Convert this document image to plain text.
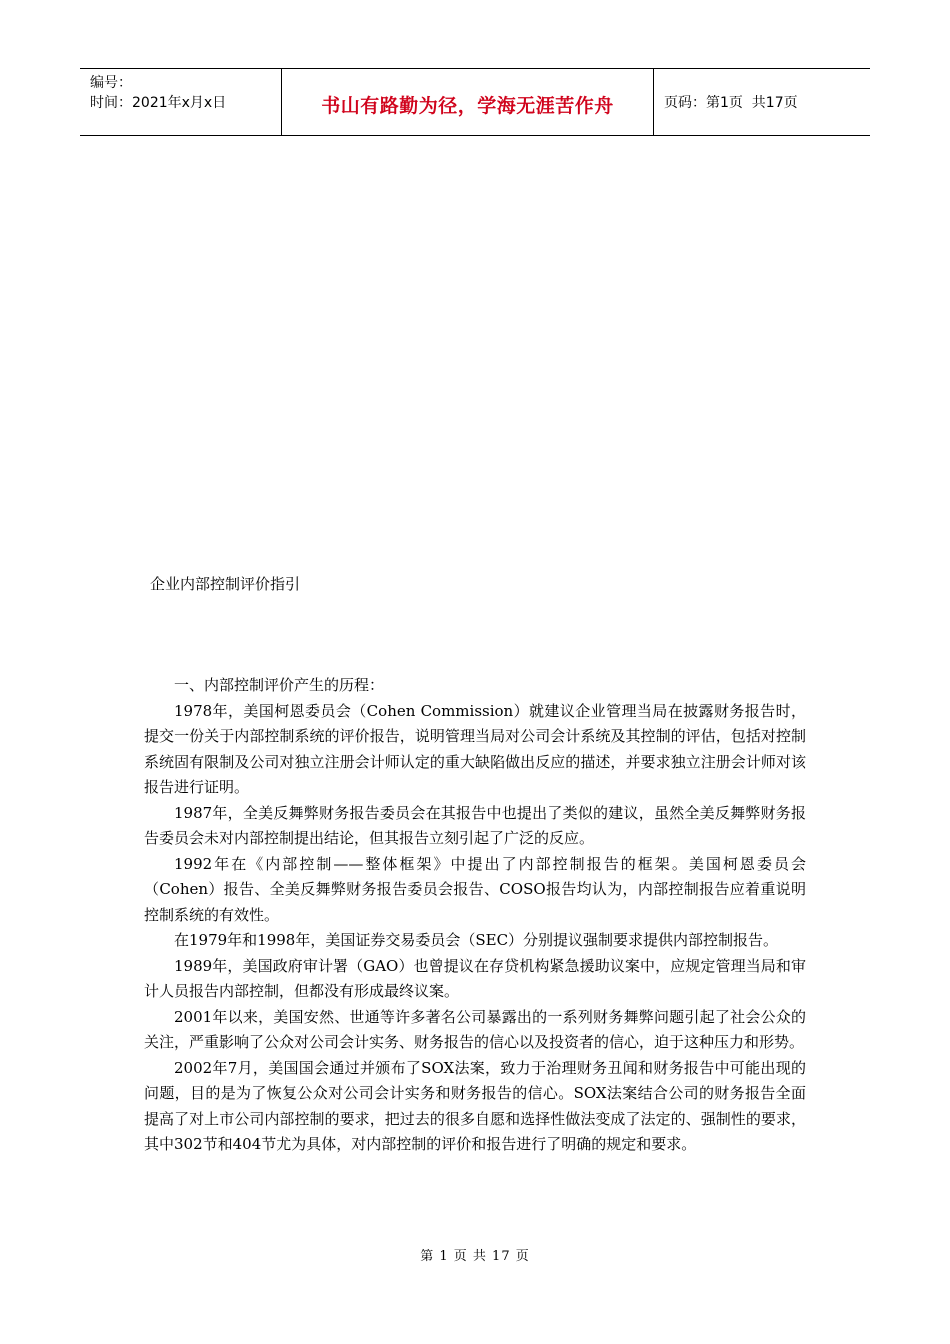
编号：
时间：2021年x月x日	书山有路勤为径，学海无涯苦作舟	页码：第1页  共17页
企业内部控制评价指引

一、内部控制评价产生的历程：

1978年，美国柯恩委员会（Cohen Commission）就建议企业管理当局在披露财务报告时，提交一份关于内部控制系统的评价报告，说明管理当局对公司会计系统及其控制的评估，包括对控制系统固有限制及公司对独立注册会计师认定的重大缺陷做出反应的描述，并要求独立注册会计师对该报告进行证明。

1987年，全美反舞弊财务报告委员会在其报告中也提出了类似的建议，虽然全美反舞弊财务报告委员会未对内部控制提出结论，但其报告立刻引起了广泛的反应。

1992年在《内部控制——整体框架》中提出了内部控制报告的框架。美国柯恩委员会（Cohen）报告、全美反舞弊财务报告委员会报告、COSO报告均认为，内部控制报告应着重说明控制系统的有效性。

在1979年和1998年，美国证券交易委员会（SEC）分别提议强制要求提供内部控制报告。

1989年，美国政府审计署（GAO）也曾提议在存贷机构紧急援助议案中，应规定管理当局和审计人员报告内部控制，但都没有形成最终议案。

2001年以来，美国安然、世通等许多著名公司暴露出的一系列财务舞弊问题引起了社会公众的关注，严重影响了公众对公司会计实务、财务报告的信心以及投资者的信心，迫于这种压力和形势。

2002年7月，美国国会通过并颁布了SOX法案，致力于治理财务丑闻和财务报告中可能出现的问题，目的是为了恢复公众对公司会计实务和财务报告的信心。SOX法案结合公司的财务报告全面提高了对上市公司内部控制的要求，把过去的很多自愿和选择性做法变成了法定的、强制性的要求，其中302节和404节尤为具体，对内部控制的评价和报告进行了明确的规定和要求。

第 1 页 共 17 页
